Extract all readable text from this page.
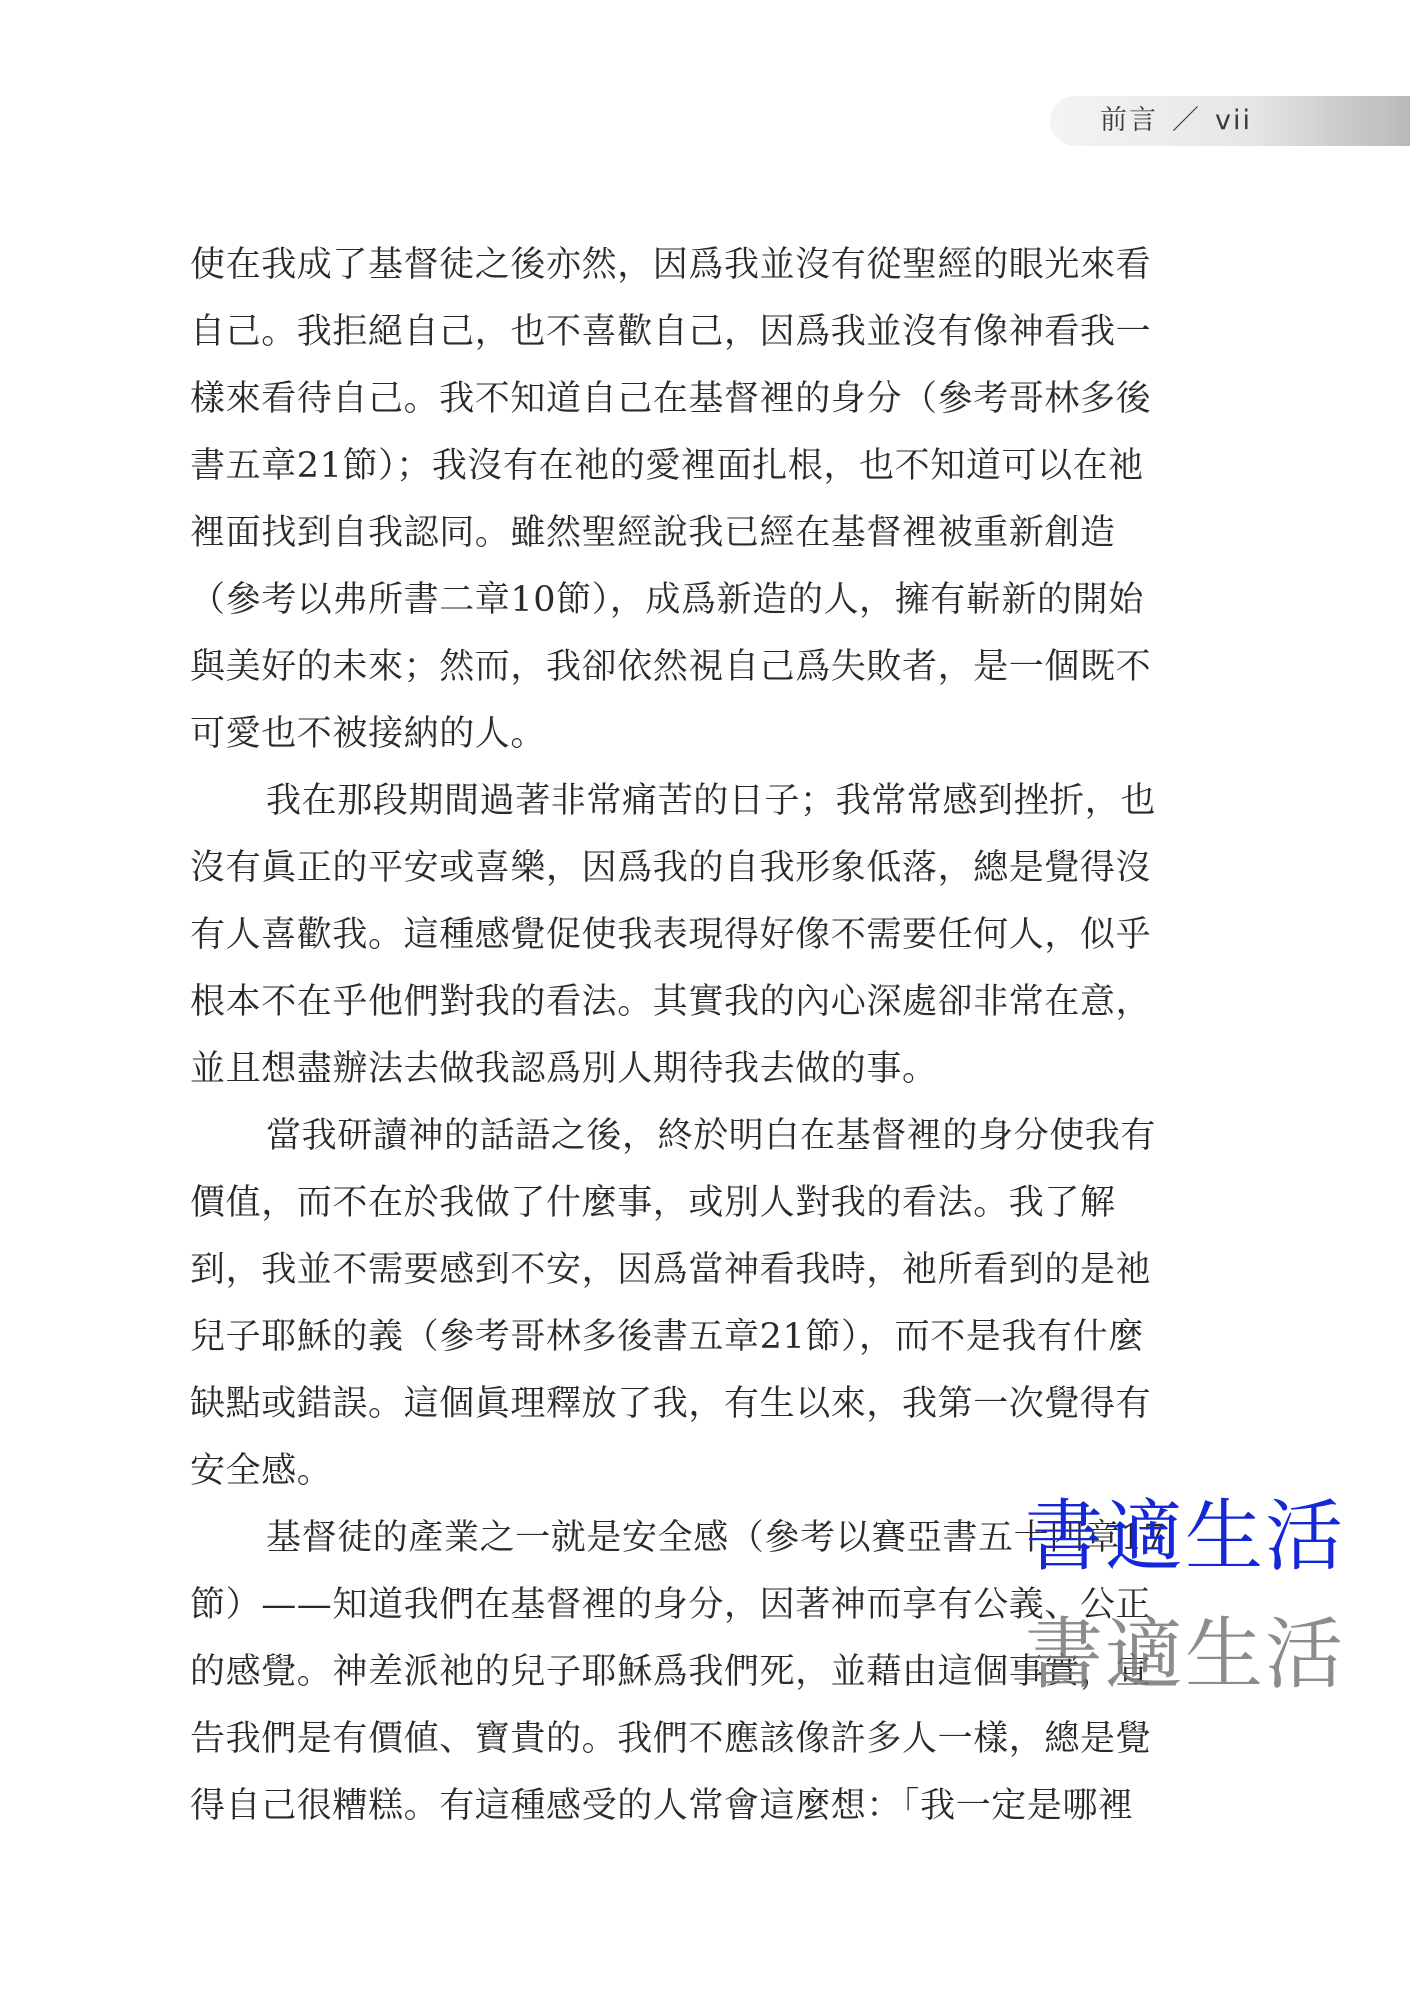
前言 ／ vii
使在我成了基督徒之後亦然，因爲我並沒有從聖經的眼光來看
自己。我拒絕自己，也不喜歡自己，因爲我並沒有像神看我一
樣來看待自己。我不知道自己在基督裡的身分（參考哥林多後
書五章21節）；我沒有在祂的愛裡面扎根，也不知道可以在祂
裡面找到自我認同。雖然聖經說我已經在基督裡被重新創造
（參考以弗所書二章10節），成爲新造的人，擁有嶄新的開始
與美好的未來；然而，我卻依然視自己爲失敗者，是一個既不
可愛也不被接納的人。
我在那段期間過著非常痛苦的日子；我常常感到挫折，也
沒有眞正的平安或喜樂，因爲我的自我形象低落，總是覺得沒
有人喜歡我。這種感覺促使我表現得好像不需要任何人，似乎
根本不在乎他們對我的看法。其實我的內心深處卻非常在意，
並且想盡辦法去做我認爲別人期待我去做的事。
當我研讀神的話語之後，終於明白在基督裡的身分使我有
價值，而不在於我做了什麼事，或別人對我的看法。我了解
到，我並不需要感到不安，因爲當神看我時，祂所看到的是祂
兒子耶穌的義（參考哥林多後書五章21節），而不是我有什麼
缺點或錯誤。這個眞理釋放了我，有生以來，我第一次覺得有
安全感。
基督徒的產業之一就是安全感（參考以賽亞書五十四章17
節）——知道我們在基督裡的身分，因著神而享有公義、公正
的感覺。神差派祂的兒子耶穌爲我們死，並藉由這個事實，宣
告我們是有價値、寶貴的。我們不應該像許多人一樣，總是覺
得自己很糟糕。有這種感受的人常會這麼想：「我一定是哪裡
書適生活
書適生活
